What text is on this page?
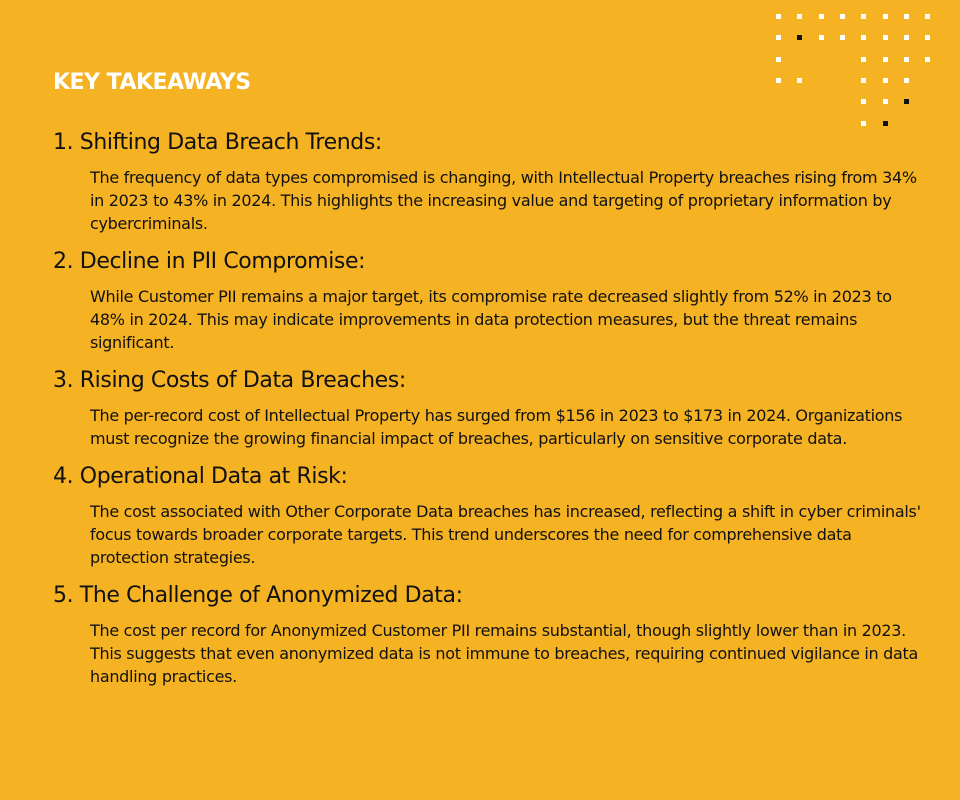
KEY TAKEAWAYS
1. Shifting Data Breach Trends:

The frequency of data types compromised is changing, with Intellectual Property breaches rising from 34% in 2023 to 43% in 2024. This highlights the increasing value and targeting of proprietary information by cybercriminals.

2. Decline in PII Compromise:

While Customer PII remains a major target, its compromise rate decreased slightly from 52% in 2023 to 48% in 2024. This may indicate improvements in data protection measures, but the threat remains significant.

3. Rising Costs of Data Breaches:

The per-record cost of Intellectual Property has surged from $156 in 2023 to $173 in 2024. Organizations must recognize the growing financial impact of breaches, particularly on sensitive corporate data.

4. Operational Data at Risk:

The cost associated with Other Corporate Data breaches has increased, reflecting a shift in cyber criminals' focus towards broader corporate targets. This trend underscores the need for comprehensive data protection strategies.

5. The Challenge of Anonymized Data:

The cost per record for Anonymized Customer PII remains substantial, though slightly lower than in 2023. This suggests that even anonymized data is not immune to breaches, requiring continued vigilance in data handling practices.
